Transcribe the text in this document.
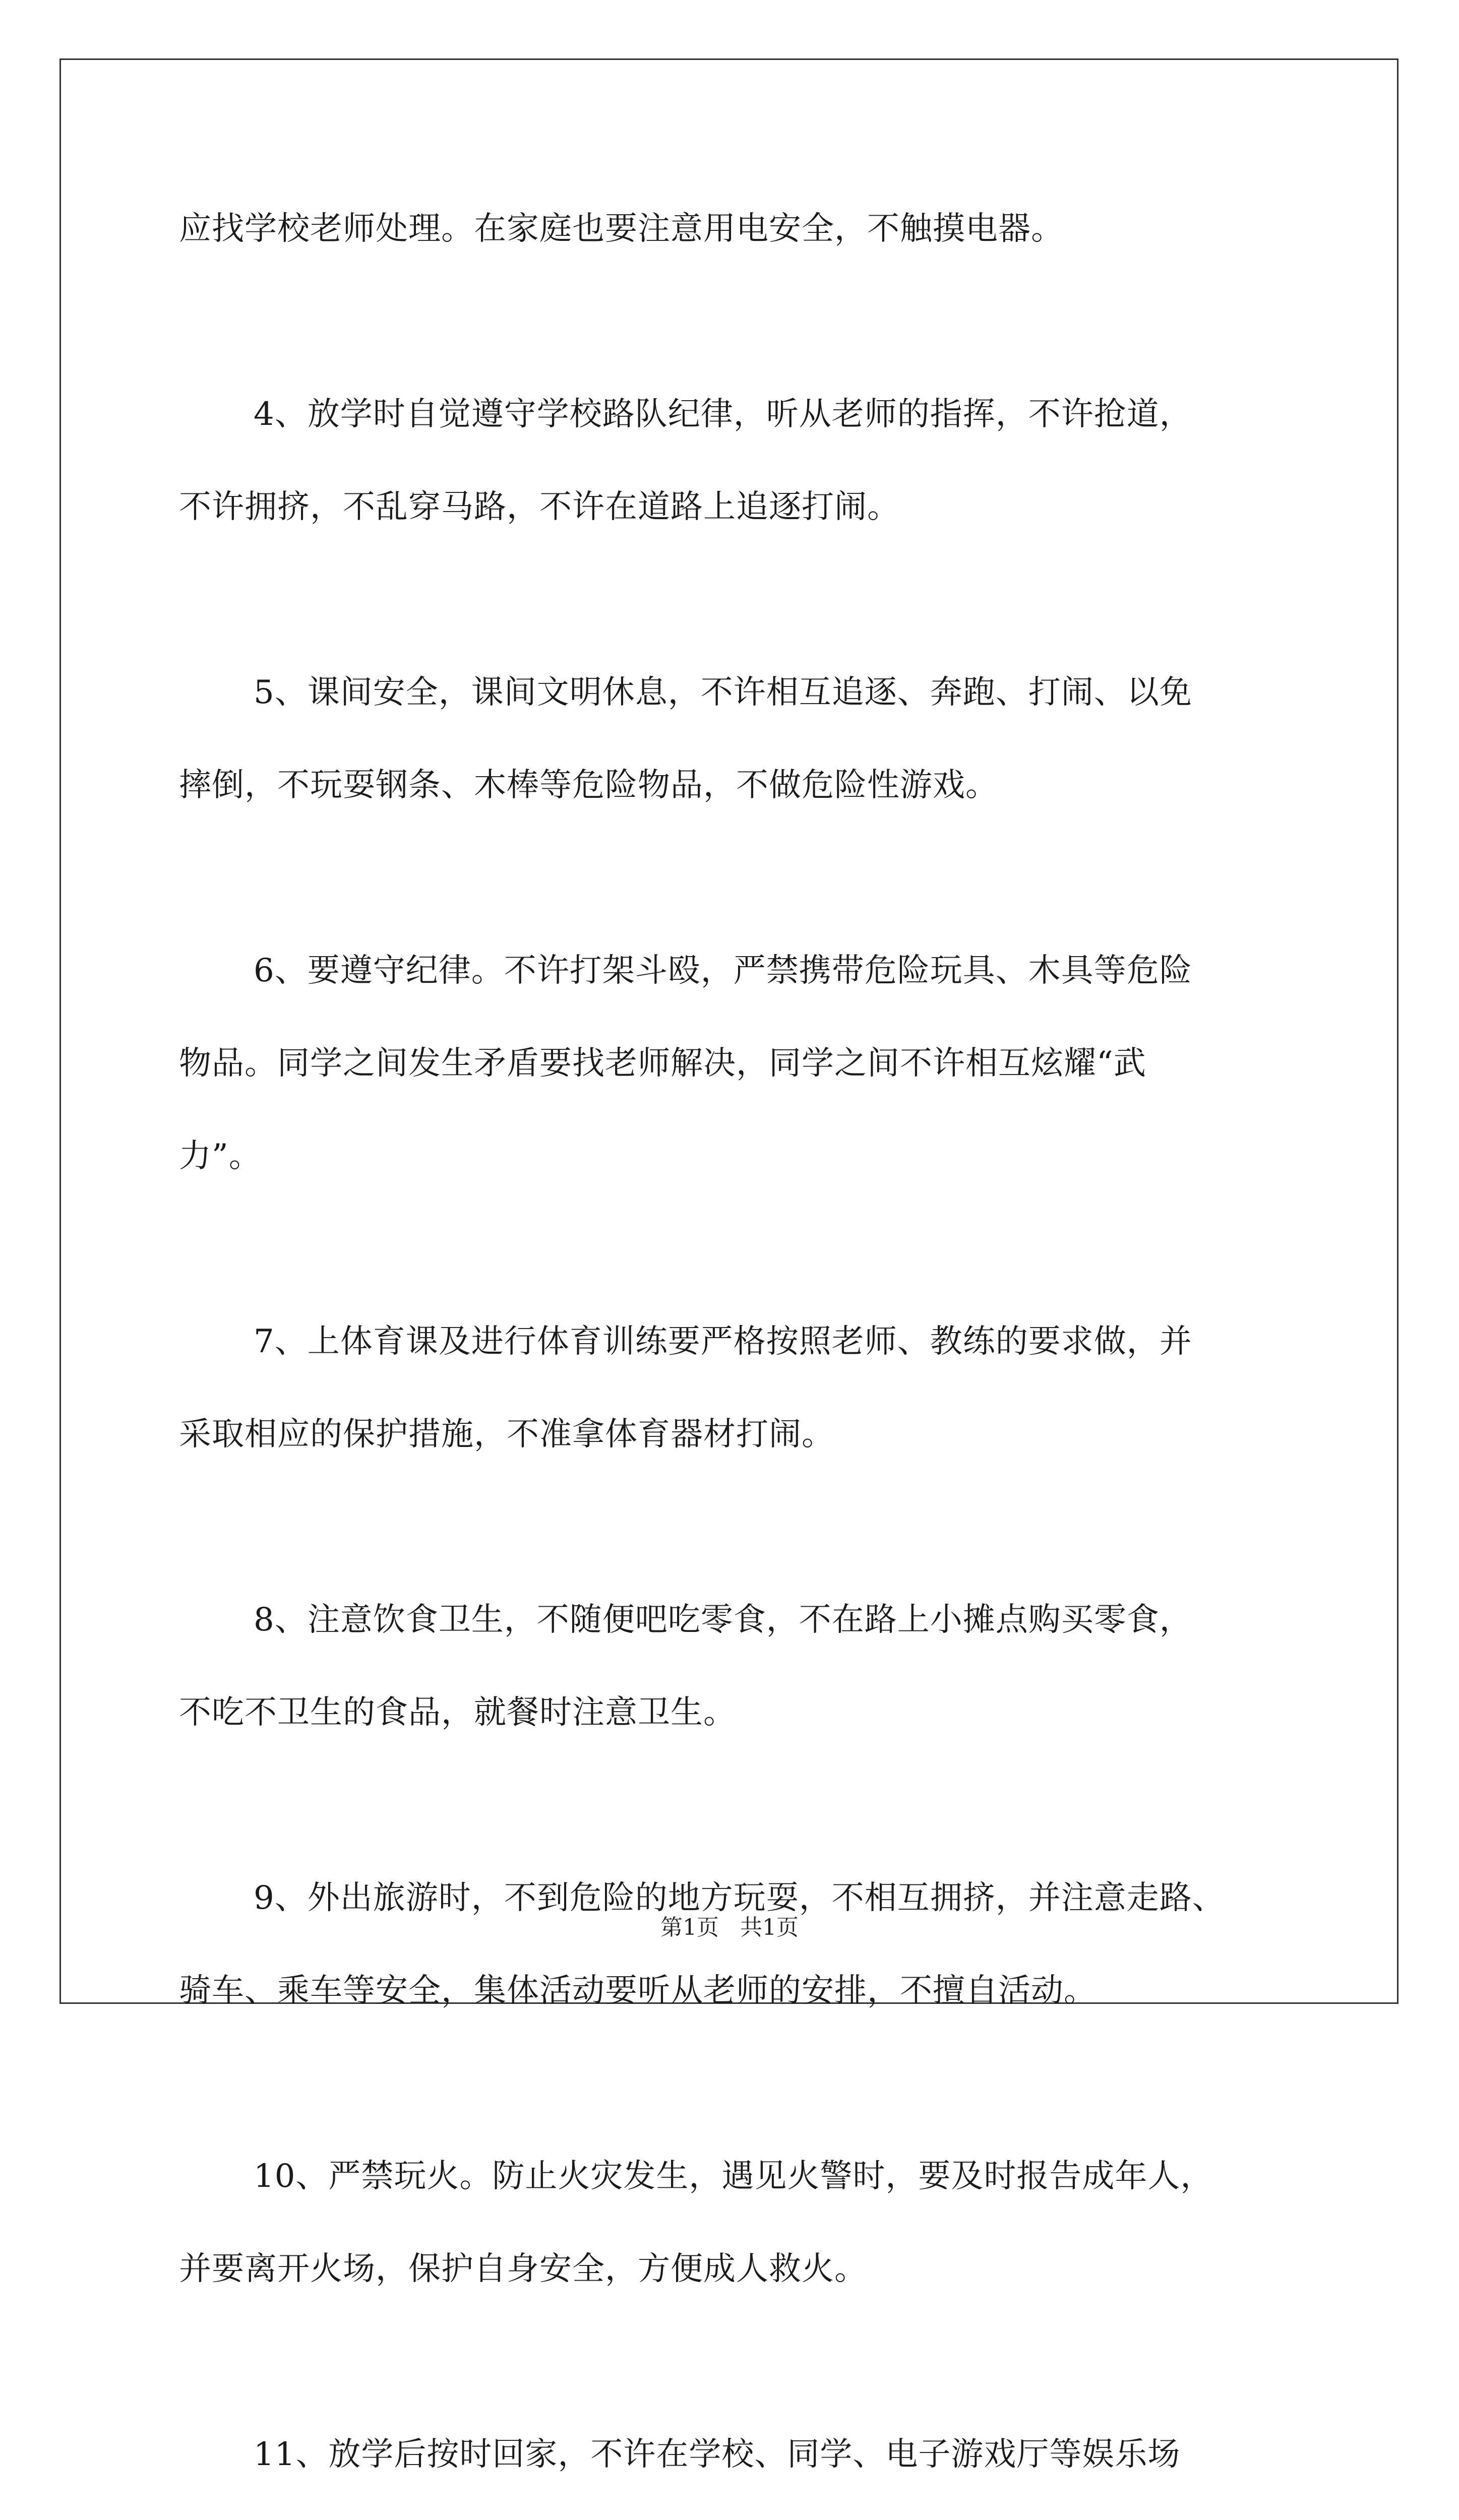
应找学校老师处理。在家庭也要注意用电安全，不触摸电器。

4、放学时自觉遵守学校路队纪律，听从老师的指挥，不许抢道，
不许拥挤，不乱穿马路，不许在道路上追逐打闹。

5、课间安全，课间文明休息，不许相互追逐、奔跑、打闹、以免
摔倒，不玩耍钢条、木棒等危险物品，不做危险性游戏。

6、要遵守纪律。不许打架斗殴，严禁携带危险玩具、木具等危险
物品。同学之间发生矛盾要找老师解决，同学之间不许相互炫耀“武
力”。

7、上体育课及进行体育训练要严格按照老师、教练的要求做，并
采取相应的保护措施，不准拿体育器材打闹。

8、注意饮食卫生，不随便吧吃零食，不在路上小摊点购买零食，
不吃不卫生的食品，就餐时注意卫生。

9、外出旅游时，不到危险的地方玩耍，不相互拥挤，并注意走路、
骑车、乘车等安全，集体活动要听从老师的安排，不擅自活动。

10、严禁玩火。防止火灾发生，遇见火警时，要及时报告成年人，
并要离开火场，保护自身安全，方便成人救火。

11、放学后按时回家，不许在学校、同学、电子游戏厅等娱乐场

第1页 共1页
